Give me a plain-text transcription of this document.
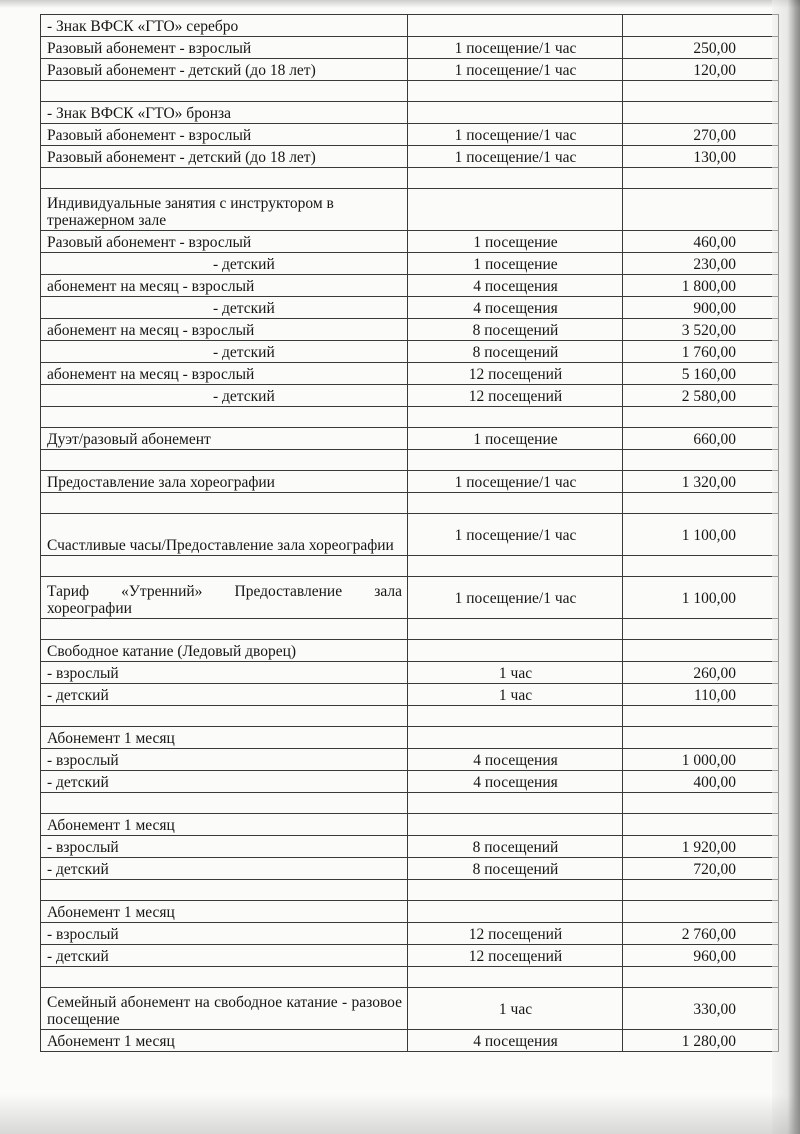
- Знак ВФСК «ГТО» серебро		
Разовый абонемент - взрослый	1 посещение/1 час	250,00
Разовый абонемент - детский (до 18 лет)	1 посещение/1 час	120,00

- Знак ВФСК «ГТО» бронза		
Разовый абонемент - взрослый	1 посещение/1 час	270,00
Разовый абонемент - детский (до 18 лет)	1 посещение/1 час	130,00

Индивидуальные занятия с инструктором в тренажерном зале		
Разовый абонемент - взрослый	1 посещение	460,00
- детский	1 посещение	230,00
абонемент на месяц - взрослый	4 посещения	1 800,00
- детский	4 посещения	900,00
абонемент на месяц - взрослый	8 посещений	3 520,00
- детский	8 посещений	1 760,00
абонемент на месяц - взрослый	12 посещений	5 160,00
- детский	12 посещений	2 580,00

Дуэт/разовый абонемент	1 посещение	660,00

Предоставление зала хореографии	1 посещение/1 час	1 320,00

Счастливые часы/Предоставление зала хореографии	1 посещение/1 час	1 100,00

Тариф «Утренний» Предоставление зала хореографии	1 посещение/1 час	1 100,00

Свободное катание (Ледовый дворец)		
- взрослый	1 час	260,00
- детский	1 час	110,00

Абонемент 1 месяц		
- взрослый	4 посещения	1 000,00
- детский	4 посещения	400,00

Абонемент 1 месяц		
- взрослый	8 посещений	1 920,00
- детский	8 посещений	720,00

Абонемент 1 месяц		
- взрослый	12 посещений	2 760,00
- детский	12 посещений	960,00

Семейный абонемент на свободное катание - разовое посещение	1 час	330,00
Абонемент 1 месяц	4 посещения	1 280,00
